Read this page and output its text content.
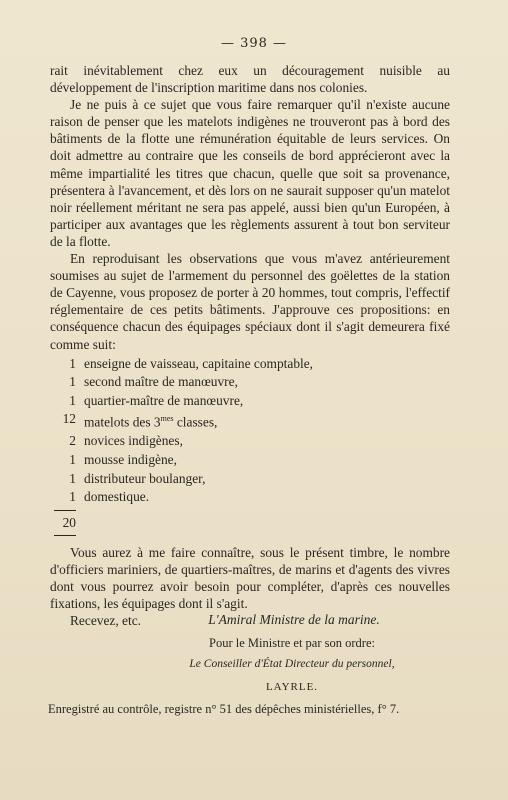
— 398 —

rait inévitablement chez eux un découragement nuisible au développement de l'inscription maritime dans nos colonies.

Je ne puis à ce sujet que vous faire remarquer qu'il n'existe aucune raison de penser que les matelots indigènes ne trouveront pas à bord des bâtiments de la flotte une rémunération équitable de leurs services. On doit admettre au contraire que les conseils de bord apprécieront avec la même impartialité les titres que chacun, quelle que soit sa provenance, présentera à l'avancement, et dès lors on ne saurait supposer qu'un matelot noir réellement méritant ne sera pas appelé, aussi bien qu'un Européen, à participer aux avantages que les règlements assurent à tout bon serviteur de la flotte.

En reproduisant les observations que vous m'avez antérieurement soumises au sujet de l'armement du personnel des goëlettes de la station de Cayenne, vous proposez de porter à 20 hommes, tout compris, l'effectif réglementaire de ces petits bâtiments. J'approuve ces propositions: en conséquence chacun des équipages spéciaux dont il s'agit demeurera fixé comme suit:

1 enseigne de vaisseau, capitaine comptable,
1 second maître de manœuvre,
1 quartier-maître de manœuvre,
12 matelots des $3^{mes}$ classes,
2 novices indigènes,
1 mousse indigène,
1 distributeur boulanger,
1 domestique.
20

Vous aurez à me faire connaître, sous le présent timbre, le nombre d'officiers mariniers, de quartiers-maîtres, de marins et d'agents des vivres dont vous pourrez avoir besoin pour compléter, d'après ces nouvelles fixations, les équipages dont il s'agit.

Recevez, etc.	L'Amiral Ministre de la marine.
Pour le Ministre et par son ordre:
Le Conseiller d'État Directeur du personnel,
LAYRLE.
Enregistré au contrôle, registre n° 51 des dépêches ministérielles, f° 7.
